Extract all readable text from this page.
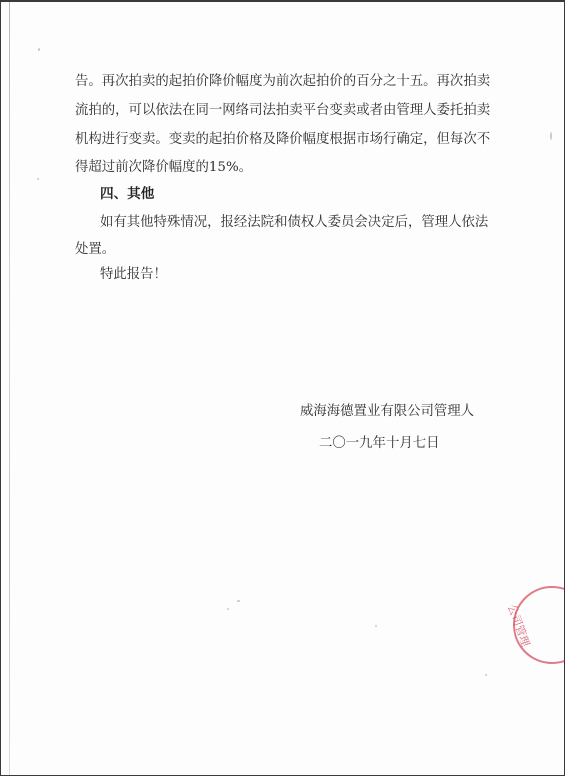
告。再次拍卖的起拍价降价幅度为前次起拍价的百分之十五。再次拍卖
流拍的，可以依法在同一网络司法拍卖平台变卖或者由管理人委托拍卖
机构进行变卖。变卖的起拍价格及降价幅度根据市场行确定，但每次不
得超过前次降价幅度的15%。
四、其他
如有其他特殊情况，报经法院和债权人委员会决定后，管理人依法
处置。
特此报告！
威海海德置业有限公司管理人
二〇一九年十月七日
公司管理
